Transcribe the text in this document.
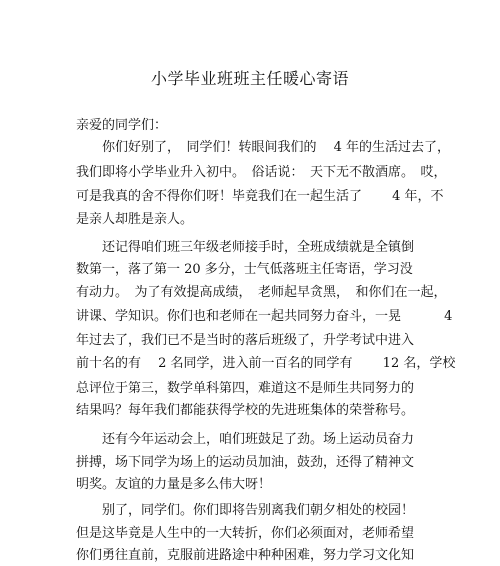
小学毕业班班主任暖心寄语
亲爱的同学们：
　　你们好别了，　同学们！转眼间我们的　 4 年的生活过去了，
我们即将小学毕业升入初中。　俗话说：　天下无不散酒席。　哎，
可是我真的舍不得你们呀！毕竟我们在一起生活了　　 4 年，不
是亲人却胜是亲人。
　　还记得咱们班三年级老师接手时，全班成绩就是全镇倒
数第一，落了第一 20 多分，士气低落班主任寄语，学习没
有动力。　为了有效提高成绩，　老师起早贪黑，　和你们在一起，
讲课、学知识。你们也和老师在一起共同努力奋斗，一晃　　　 4
年过去了，我们已不是当时的落后班级了，升学考试中进入
前十名的有　 2 名同学，进入前一百名的同学有　　 12 名，学校
总评位于第三，数学单科第四，难道这不是师生共同努力的
结果吗？每年我们都能获得学校的先进班集体的荣誉称号。
　　还有今年运动会上，咱们班鼓足了劲。场上运动员奋力
拼搏，场下同学为场上的运动员加油，鼓劲，还得了精神文
明奖。友谊的力量是多么伟大呀！
　　别了，同学们。你们即将告别离我们朝夕相处的校园！
但是这毕竟是人生中的一大转折，你们必须面对，老师希望
你们勇往直前，克服前进路途中种种困难，努力学习文化知
